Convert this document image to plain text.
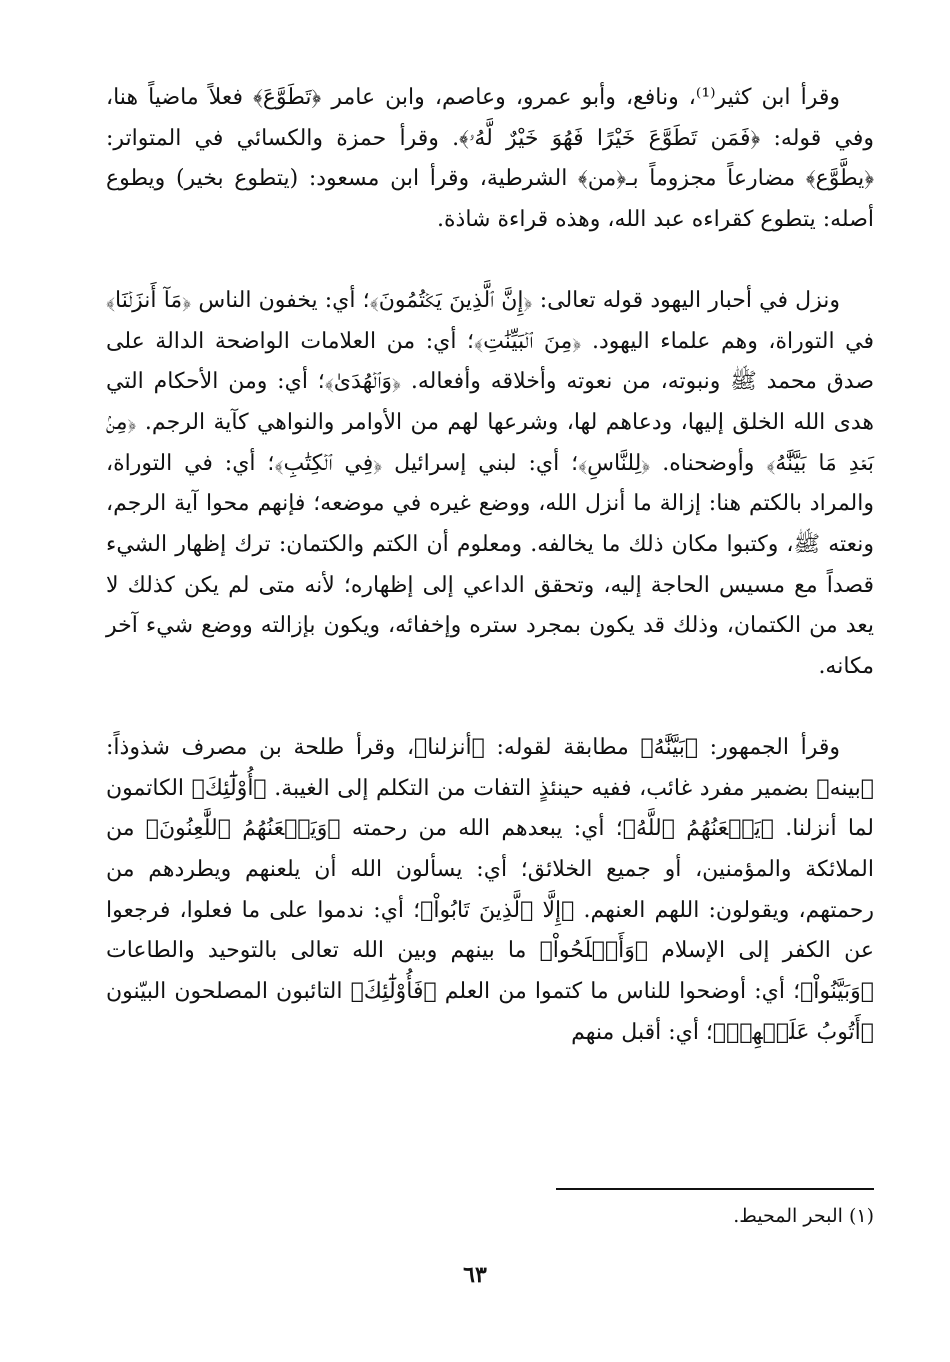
وقرأ ابن كثير⁽¹⁾، ونافع، وأبو عمرو، وعاصم، وابن عامر ﴿تَطَوَّعَ﴾ فعلاً ماضياً هنا، وفي قوله: ﴿فَمَن تَطَوَّعَ خَيْرًا فَهُوَ خَيْرٌ لَّهُۥ﴾. وقرأ حمزة والكسائي في المتواتر: ﴿يطَّوَّع﴾ مضارعاً مجزوماً بـ﴿من﴾ الشرطية، وقرأ ابن مسعود: (يتطوع بخير) ويطوع أصله: يتطوع كقراءه عبد الله، وهذه قراءة شاذة.

ونزل في أحبار اليهود قوله تعالى: ﴿إِنَّ ٱلَّذِينَ يَكۡتُمُونَ﴾؛ أي: يخفون الناس ﴿مَآ أَنزَلۡنَا﴾ في التوراة، وهم علماء اليهود. ﴿مِنَ ٱلۡبَيِّنَٰتِ﴾؛ أي: من العلامات الواضحة الدالة على صدق محمد ﷺ ونبوته، من نعوته وأخلاقه وأفعاله. ﴿وَٱلۡهُدَىٰ﴾؛ أي: ومن الأحكام التي هدى الله الخلق إليها، ودعاهم لها، وشرعها لهم من الأوامر والنواهي كآية الرجم. ﴿مِنۢ بَعۡدِ مَا بَيَّنَّٰهُ﴾ وأوضحناه. ﴿لِلنَّاسِ﴾؛ أي: لبني إسرائيل ﴿فِي ٱلۡكِتَٰبِ﴾؛ أي: في التوراة، والمراد بالكتم هنا: إزالة ما أنزل الله، ووضع غيره في موضعه؛ فإنهم محوا آية الرجم، ونعته ﷺ، وكتبوا مكان ذلك ما يخالفه. ومعلوم أن الكتم والكتمان: ترك إظهار الشيء قصداً مع مسيس الحاجة إليه، وتحقق الداعي إلى إظهاره؛ لأنه متى لم يكن كذلك لا يعد من الكتمان، وذلك قد يكون بمجرد ستره وإخفائه، ويكون بإزالته ووضع شيء آخر مكانه.

وقرأ الجمهور: ﴿بَيَّنَّٰهُ﴾ مطابقة لقوله: ﴿أنزلنا﴾، وقرأ طلحة بن مصرف شذوذاً: ﴿بينه﴾ بضمير مفرد غائب، ففيه حينئذٍ التفات من التكلم إلى الغيبة. ﴿أُوْلَٰٓئِكَ﴾ الكاتمون لما أنزلنا. ﴿يَلۡعَنُهُمُ ٱللَّهُ﴾؛ أي: يبعدهم الله من رحمته ﴿وَيَلۡعَنُهُمُ ٱللَّٰعِنُونَ﴾ من الملائكة والمؤمنين، أو جميع الخلائق؛ أي: يسألون الله أن يلعنهم ويطردهم من رحمتهم، ويقولون: اللهم العنهم. ﴿إِلَّا ٱلَّذِينَ تَابُواْ﴾؛ أي: ندموا على ما فعلوا، فرجعوا عن الكفر إلى الإسلام ﴿وَأَصۡلَحُواْ﴾ ما بينهم وبين الله تعالى بالتوحيد والطاعات ﴿وَبَيَّنُواْ﴾؛ أي: أوضحوا للناس ما كتموا من العلم ﴿فَأُوْلَٰٓئِكَ﴾ التائبون المصلحون البيّنون ﴿أَتُوبُ عَلَيۡهِمۡ﴾؛ أي: أقبل منهم

(١) البحر المحيط.
٦٣
